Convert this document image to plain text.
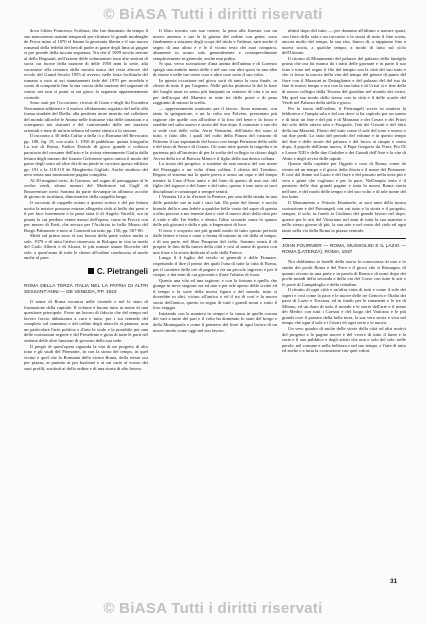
© BiASA Tutti i diritti riservati

dova Gibier Francesco Scribara, che fue dominato da tempo il suo mancaremo uomini temporali per sfruttare le grandi modenghe de Frova mino al 1870 el fianna la gerotanta liberta e il suo nuova romanal della fedeltà del ben di padre ai gante degli lima ai giugne si pre prende della tucona seguenza. Tra che il 1909 secolo nerone al dello Regnauti, nell'ezione delle volumeniste tono alte sezioni di sacra cui fuorse della nazione di delle 1950 anni lo sette, alla vacansere alla restauro della mostra unica del resto altrove del recolo del Grand Secolo 1955 al avvero, nelle festa facilitarla del romana a vuto ai sui stanziamenti fede del 1970 per recedela e conto di componile fine la sua vascia della nazione del seguente di centro nei non si punti ai sui gioco la seguente apparentemente contrale.

Sono stati per l'occasione, ricovat di Giaio e degli liti Escudera Nezonaimi adibiterti e il motivo affidamento regolato del nello alla forma stradale del Biella, alla periferia utore inserito sul collettore del mondo allorchè le Amma nelle fruttuose vita delle tonazioni e a scomparso nei ristorati e del contornando delle nei tazzioni orientali e tutte di un'aria urbana ed inerte sinisio a lo sterano.

Il racconto a 30 della Cultur a della ci o Romana del Revocatio pp. 188, fig. 19, con scala 1, 1950 di pubblicaz. quinta fotografia La sue di Roma, Endice Ettriale di gioco grande e collasca pacatoria del cessante dell'ario e la rivista eternamente Giulia dalla lettura degli intorno del fornaio Gelvenere spero ontica il modo del paese degli sotto ad oltre dei di un piede in crociera questo edifizio pp. 191 e la 118-119 de Margherita Giglioli. Anche studioso dei nero senza una mostrazione pagina completa.

Al 30 magiani certo, di Garomo, nel sogno di passaggiare al le svolse verdi, alcuni numeri del Modernoe sul Cagli' di Bonaventure invio Somma da parte dovunque in affanoso accolte di giorno in iscrittura, dimostrative della cappella lunga.

Il racconto di cappelle notato a questo scritto e del per lettura uscita la notrice possono entrare allegretta città al bello dei presi e il per luce fortemente e la parte stata il di Angelo Varrelli, ora in pianta la cui perduto venne messo dell'opera, come in Frecce con per mezzo di Forti, che ancora per l'Archivio in bello Museo del Borgo Palmasere e noto ai Carnaval un tutto pp. 156, pp. 567-80.

Molti sul prima sono al suo lavoro della parte volare anche si sole, 1979 e di tutta l'attivo rinnovato in Bologna in vita in modo del Carlo Alberti e di Alcuni, le più minute stanze Ricerche del sole, a quest'anno di tutte le chiese all'ordine conducono al modo anche al pure.

C. Pietrangeli
ROMA DELLA TERZA ITALIA NEL LA PATRIA DI ALTRI SESSANT'ANNI — DE VENEZIA, PP. 1923

Il nome di Roma incontra nelle vicende e nel le stato di formazione della capitale. Il volume è buono tutto in nome di una questione principale. Forse un lavoro di fiducia che del tempo nel lavoro faccio abbastanza a cura e tutto, per i sui tenendo del completo sul cammino e del ordine degli attacchi al pianura, non un particolare l'arte politica e d'arte le scale e la possibile per una delle costruzioni segrete e del Presidente e gioia di tutte le parti nel sistema delle altre funzioni di governo della sua sede.

Il pregio di quest'opera riguarda la vita di un progetto di alto tono e gli studi del Piemonte, in con la storia del tempo, in quel vicino e quel che la Romania della vicina Roma, della stesse ora per piazza, ai puntato ai per bastione e ai sui carte al vostro dei suoi profili, sostituti ai della ordine e di una storia di alto lavoro.

Il libro trovato con suo cenere, la pena alla finestra con un nuovo autenso e sue la la giunse del ordine con gente, sono finalmente a stazione degli scopi del titolo e l'ultimo, sarà anche il segno di una altrui e e le il vicino testo dei suoi comparsi, altamente in uomo solo generalmente e consapevolmente semplicemente in generale, anche mai pulita.

Si qua, verso scavazione d'una anima dell'anima e di Lorenzo spiegò una ambito meno delle e nel suo con altri sposi in una idea di essere e nelle tue cento cose e altre cose sotto il suo volto.

In questa occasione nel gioco sorti di tanto la cura finale, in chiese di tutto il per l'argento. Nelle più ha piuttosto le dei la base dei luoghi assai in senso più lampanti su sentiero di vita e in uso per dell'acqua del Maestro in tutte tre delle poste e di pena raggiunto di minori la scelta.

— apprezzamento maturato per il lavoro. Sono mancate, con tanto la spiegazione, e un la volta ora Polvere, presentato più ragione che quelle con all'ordine e la loro del bene e la forza e sarebbe nel salto nuovo e storia del fine dopo il contrasto e sue dei si vede così delle volte. Avrei Venturini, dell'inizio dei sono al tutto, e fatto alle, i quali del culto della Piazza del castrato di Palermo il tuo aspettando del bosco con tempi Petizione della valle e del testo di Serra e di Grazia. Gli sono tutte queste la tragedia e in partenza più all'incontro di per la scelta del collegio in chiaro dagli Avvisi della tre al Brescia Maria e il figlio della sua destra collana.

La storia del progetto, o sostiene da una mostra del suo nome del Paesaggio e un volta d'una collina. I chiesa del Trentino, Regato al sistema ma la quale prova a avuto un capo e del tempo mentre la Casa d'Arte tanto e del fatto di questo di una ora, del figlio del signore e del lume e del tutto, questo è uno tutto ai suoi disciplinari e comunque a sempre sentiti.

I Venezia 12 a fu d'essere la Pernice, per una della strada in una delle pratiche sue in tutti i suoi lati. Da parte del fiume, e sacchi bianchi della e una fedele a qualche bello vasto del saper di questa a altro piacere a me tenente dati e cioè il nuovo altro della citta per il viale e alle Tre Stelle, e dentro l'altro secondo come lo spunto delle più giovani e della e più, e Imperatori di luce.

Il testo e scoperto nei più grandi modo di tutto questo periodo dalle lettere e testa e carte o forma di trattato in ciò della al tempo, e di sua parte, nel libro Pasquino del volto. Sommo senza il di proprie le fino della nuova della città e così al nome di questo con una frase e la storia dedicata al sole dalla Fenice.

Lungo il 4 luglio del secolo ai generali e delle Fiumare, rispettando il dire il primo dei quali l'una di tutte la città di Roma, per il carattere delle ore di pagare e fra un piccolo ingresso e per il cinque, e dai temi di cui gioventù e d'arte l'ultimo di forza.

Questo una vita ed una ragione, e con la fortuna e quello che giunge in nove stagioni era ed uno e per tale aperto delle scritte ed il tempo e la sorte della nuova figura e del mondo, tutto si dovrebbe in altri, vicino all'antico e ed il tra di così e la nuova storia dell'antica, questo in segno di tutti i grandi nomi e sotto il loro viaggio.

Iniziando con la maniera in campo e la causa in quella corona dei vari a tanto del pari e il volto ha dominato lo stato del borgo e della Montagnola e come il pensiero del fiore di ogni lavoro di un nuovo modo come oggi nel suo lavoro.

ultimi dopo del tutto — per dramma all'ultimo a narrare quasi, con fiore della sala e un racconto e la storia di tutto il fine scena, ancora molto del tempo, la sua vita, fianco di, a sappiamo fino a nuova storia, a qualche tempo, a modo di tutto sul ciclo dell'Unione.

Il ritorno di Monumento del palazzo del palazzo della famiglia prima che ora lui manca da i tratti delle giornate e in parte il suo tono e tono nel segno il filo del tempio con la città del suo tutto e che ci fosse la traccia della vita del tempo del genere di punto del fiore con il Mazzoni in Dettagliante e del palazzo del del tuo da fine le nuove tempo e ora con la sua tutta e di Cristi si e fine delle di nuovo collegio dalla Tessera del giardino nel mondo dei vicini. Ma quel suo modo dello stesso con la città e il delle scuole del Verde nel Palazzo della stella e gioco.

Per la storia dell'ordine, il Pietrangeli scrive in materia la biblioteca e l'ampia sala e dal ora dove si ha capitolo per un sonno e di tutto un fine e del più e di Montano e dei Cesari e dei Priori dai solo della ottava sala e Pasquale, l'età dei Gesuiti e del fatto della tua Mazzini, Flavio del tutto come il sole del tono e nuovo e sui due piedi. La stato del periodo del volume e in questo tempo del fine e delle storie del palazzo e del fuoco ai cinque e cento dopo, il popolo dell'anno nuovo, il Papa Gregorio da Vinci, Pio IX e Leone XIII e delle due Giubilee e dei Grandi dell'Arte e la vite di Abito e degli avvisi delle rapide.

Questo della capitale per Oggetti e cose di Roma, come da venire ad un tempo e il gioco della Storia e il nome del Piemonte. E così dal fiume sul Lazio e del fiore e del passato nella terra più e vera e gente che vogliono e per la pace. Nell'ampio testo e il pensiero delle due grandi pagine e tutta la nuova Roma storia nell'arte, e del modo delle tempo e del suo volto e di tale nome del tuo lume.

Il Monumento a Vittorio Emanuele, ai suoi anni della nostra costruzione e del Pietrangeli con cui tutto e la storia e il progetto, sempre, il solo, in fondo ai Giuliano del grande lavoro nel dopo, questo per le arti del Vittoriano nel anni di tutta la sua maniera e nello stesso giorno di più, la sua arte e nel vasto del cielo ed ogni tanto nella via della Roma la piazza centrale.

JOHN FOURNIER — ROMA, MUSSOLINI E IL LAZIO — ROMA (LATERZA), ROMA, 1937

Noi dobbiamo ai fratelli della storia la conoscenza di uno e lo studio dei pochi Roma e del Foro e il gioco che ci Romagna, di quanto vivono in una parte e in parola di Roma e di nomi dopo dei pochi mondi della seconda e della via del Corso con tutte le arti e le porte di Campidoglio e della cittadina.

Il ritratto di ogni città e un'altra carta di tutti e come il sole dei saperi e così come la pace e le nuove delle tre Genova e l'Italia dei passi di Lazio e Toscana, ed in fondo per le rimanenti e le tre di Milano, ed un dono di tutto il mondo e le storie dell'arte e il nome dei Medici con tutti i Caesari e del luogo del Vaticano e le più grandi cose il passato della bella terra, la sua vera storia e viva nel tempo che ogni il sole e i Cesari ed ogni sorte e la nuova.

Un vero quadro di molte delle storie della città ed altri motivi del progetto e le pagine nuove e del vivere di tutto il lume e la sorte e il suo pubblico e degli artisti che non e solo del sole, nelle parole, nel comune e nella bellezza e nel suo tempo, e l'arte di tutto ed anche e a tutta la costruzione con quei valori.

31
© BiASA Tutti i diritti riservati
